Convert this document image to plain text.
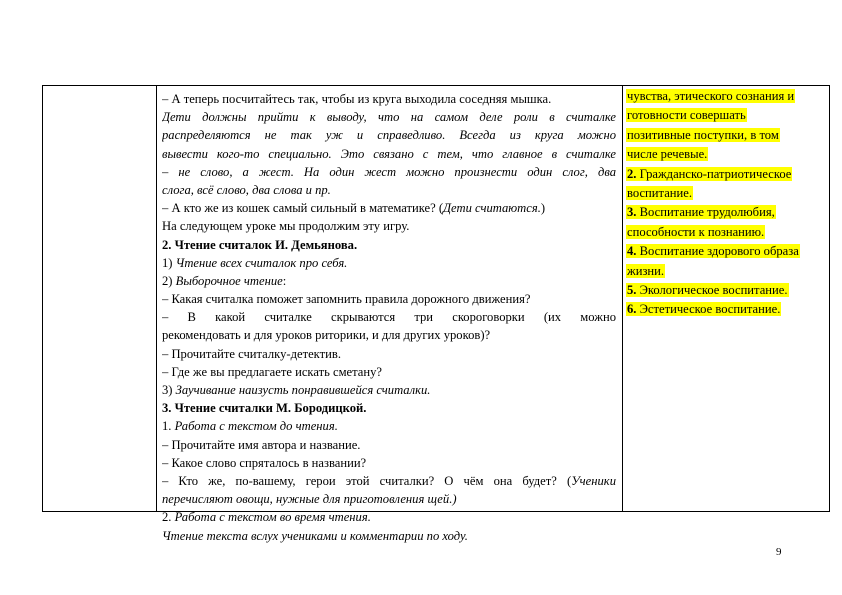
– А теперь посчитайтесь так, чтобы из круга выходила соседняя мышка.
Дети должны прийти к выводу, что на самом деле роли в считалке
распределяются не так уж и справедливо. Всегда из круга можно
вывести кого-то специально. Это связано с тем, что главное в считалке
– не слово, а жест. На один жест можно произнести один слог, два
слога, всё слово, два слова и пр.
– А кто же из кошек самый сильный в математике? (Дети считаются.)
На следующем уроке мы продолжим эту игру.
2. Чтение считалок И. Демьянова.
1) Чтение всех считалок про себя.
2) Выборочное чтение:
– Какая считалка поможет запомнить правила дорожного движения?
– В какой считалке скрываются три скороговорки (их можно
рекомендовать и для уроков риторики, и для других уроков)?
– Прочитайте считалку-детектив.
– Где же вы предлагаете искать сметану?
3) Заучивание наизусть понравившейся считалки.
3. Чтение считалки М. Бородицкой.
1. Работа с текстом до чтения.
– Прочитайте имя автора и название.
– Какое слово спряталось в названии?
– Кто же, по-вашему, герои этой считалки? О чём она будет? (Ученики
перечисляют овощи, нужные для приготовления щей.)
2. Работа с текстом во время чтения.
Чтение текста вслух учениками и комментарии по ходу.
чувства, этического сознания и
готовности совершать
позитивные поступки, в том
числе речевые.
2. Гражданско-патриотическое
воспитание.
3. Воспитание трудолюбия,
способности к познанию.
4. Воспитание здорового образа
жизни.
5. Экологическое воспитание.
6. Эстетическое воспитание.
9
